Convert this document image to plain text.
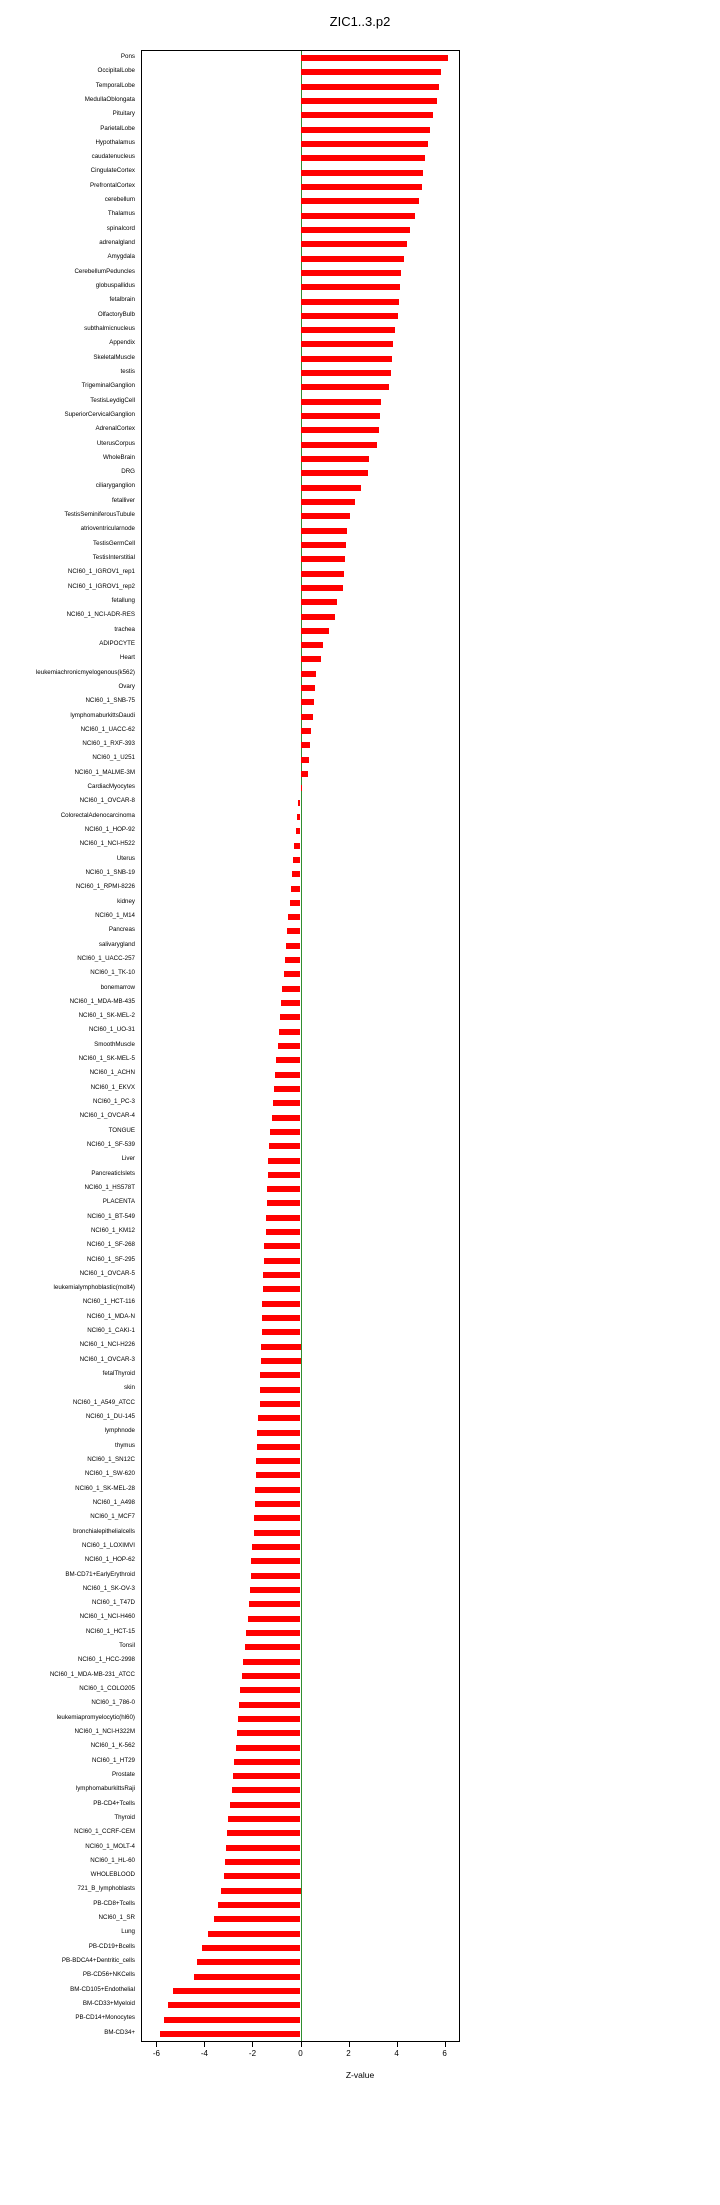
ZIC1..3.p2
Pons
OccipitalLobe
TemporalLobe
MedullaOblongata
Pituitary
ParietalLobe
Hypothalamus
caudatenucleus
CingulateCortex
PrefrontalCortex
cerebellum
Thalamus
spinalcord
adrenalgland
Amygdala
CerebellumPeduncles
globuspallidus
fetalbrain
OlfactoryBulb
subthalmicnucleus
Appendix
SkeletalMuscle
testis
TrigeminalGanglion
TestisLeydigCell
SuperiorCervicalGanglion
AdrenalCortex
UterusCorpus
WholeBrain
DRG
ciliaryganglion
fetalliver
TestisSeminiferousTubule
atrioventricularnode
TestisGermCell
TestisInterstitial
NCI60_1_IGROV1_rep1
NCI60_1_IGROV1_rep2
fetallung
NCI60_1_NCI-ADR-RES
trachea
ADIPOCYTE
Heart
leukemiachronicmyelogenous(k562)
Ovary
NCI60_1_SNB-75
lymphomaburkittsDaudi
NCI60_1_UACC-62
NCI60_1_RXF-393
NCI60_1_U251
NCI60_1_MALME-3M
CardiacMyocytes
NCI60_1_OVCAR-8
ColorectalAdenocarcinoma
NCI60_1_HOP-92
NCI60_1_NCI-H522
Uterus
NCI60_1_SNB-19
NCI60_1_RPMI-8226
kidney
NCI60_1_M14
Pancreas
salivarygland
NCI60_1_UACC-257
NCI60_1_TK-10
bonemarrow
NCI60_1_MDA-MB-435
NCI60_1_SK-MEL-2
NCI60_1_UO-31
SmoothMuscle
NCI60_1_SK-MEL-5
NCI60_1_ACHN
NCI60_1_EKVX
NCI60_1_PC-3
NCI60_1_OVCAR-4
TONGUE
NCI60_1_SF-539
Liver
PancreaticIslets
NCI60_1_HS578T
PLACENTA
NCI60_1_BT-549
NCI60_1_KM12
NCI60_1_SF-268
NCI60_1_SF-295
NCI60_1_OVCAR-5
leukemialymphoblastic(molt4)
NCI60_1_HCT-116
NCI60_1_MDA-N
NCI60_1_CAKI-1
NCI60_1_NCI-H226
NCI60_1_OVCAR-3
fetalThyroid
skin
NCI60_1_A549_ATCC
NCI60_1_DU-145
lymphnode
thymus
NCI60_1_SN12C
NCI60_1_SW-620
NCI60_1_SK-MEL-28
NCI60_1_A498
NCI60_1_MCF7
bronchialepithelialcells
NCI60_1_LOXIMVI
NCI60_1_HOP-62
BM-CD71+EarlyErythroid
NCI60_1_SK-OV-3
NCI60_1_T47D
NCI60_1_NCI-H460
NCI60_1_HCT-15
Tonsil
NCI60_1_HCC-2998
NCI60_1_MDA-MB-231_ATCC
NCI60_1_COLO205
NCI60_1_786-0
leukemiapromyelocytic(hl60)
NCI60_1_NCI-H322M
NCI60_1_K-562
NCI60_1_HT29
Prostate
lymphomaburkittsRaji
PB-CD4+Tcells
Thyroid
NCI60_1_CCRF-CEM
NCI60_1_MOLT-4
NCI60_1_HL-60
WHOLEBLOOD
721_B_lymphoblasts
PB-CD8+Tcells
NCI60_1_SR
Lung
PB-CD19+Bcells
PB-BDCA4+Dentritic_cells
PB-CD56+NKCells
BM-CD105+Endothelial
BM-CD33+Myeloid
PB-CD14+Monocytes
BM-CD34+
-6	-4	-2	0	2	4	6
Z-value
